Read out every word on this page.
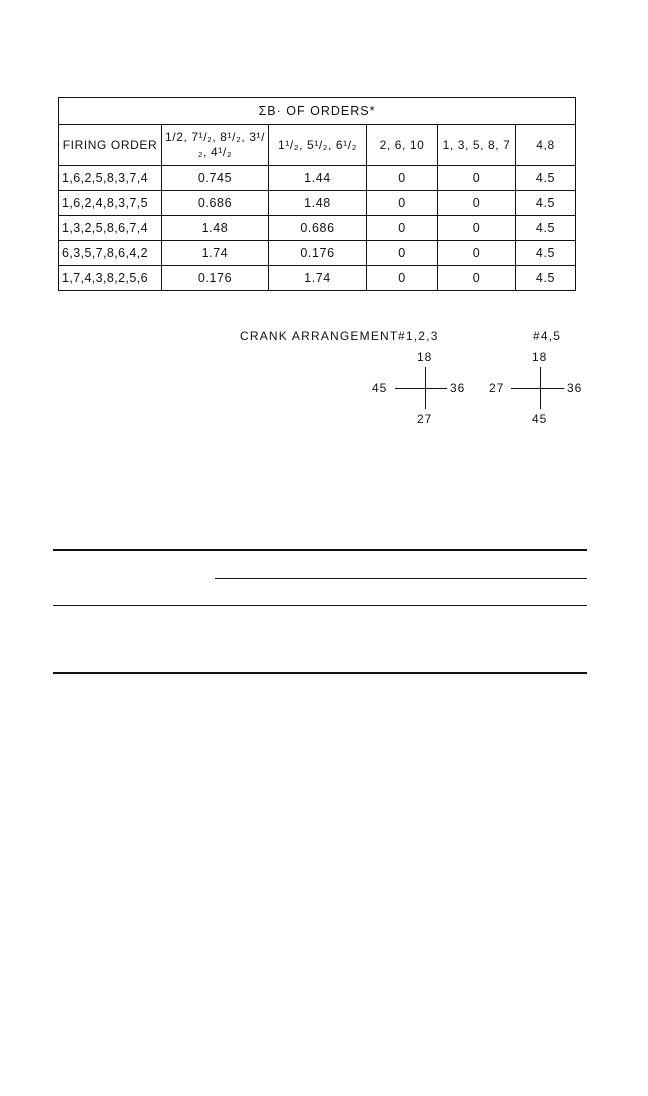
ΣΒ· OF ORDERS*					
FIRING ORDER	1/2, 7¹/₂, 8¹/₂, 3¹/₂, 4¹/₂	1¹/₂, 5¹/₂, 6¹/₂	2, 6, 10	1, 3, 5, 8, 7	4,8
1,6,2,5,8,3,7,4	0.745	1.44	0	0	4.5
1,6,2,4,8,3,7,5	0.686	1.48	0	0	4.5
1,3,2,5,8,6,7,4	1.48	0.686	0	0	4.5
6,3,5,7,8,6,4,2	1.74	0.176	0	0	4.5
1,7,4,3,8,2,5,6	0.176	1.74	0	0	4.5
CRANK ARRANGEMENT #1,2,3	#4,5
18
45	36
27
18
27	36
45
